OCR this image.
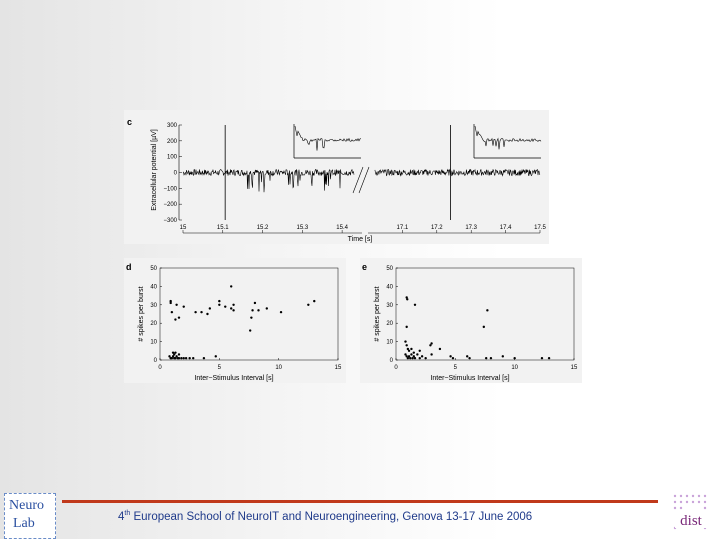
c	300
200
100
0
−100
−200
−300
15	15.1	15.2	15.3	15.4	17.1	17.2	17.3	17.4	17.5
Time [s]
Extracellular potential [µV]
d
0
10
20
30
40
50
0	5	10	15
Inter−Stimulus Interval [s]
# spikes per burst
e
0
10
20
30
40
50
0	5	10	15
Inter−Stimulus Interval [s]
# spikes per burst
4th European School of NeuroIT and Neuroengineering, Genova 13-17 June 2006
Neuro
Lab	dist
